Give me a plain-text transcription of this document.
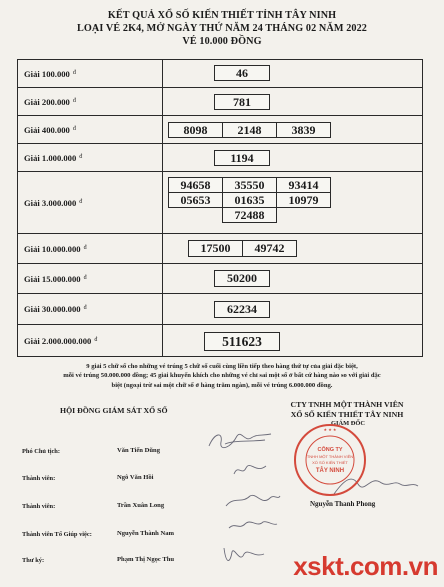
KẾT QUẢ XỔ SỐ KIẾN THIẾT TỈNH TÂY NINH
LOẠI VÉ 2K4, MỞ NGÀY THỨ NĂM 24 THÁNG 02 NĂM 2022
VÉ 10.000 ĐỒNG
Giải 100.000 đ	46
Giải 200.000 đ	781
Giải 400.000 đ	8098	2148	3839
Giải 1.000.000 đ	1194
Giải 3.000.000 đ
94658	35550	93414
05653	01635	10979
72488
Giải 10.000.000 đ	17500	49742
Giải 15.000.000 đ	50200
Giải 30.000.000 đ	62234
Giải 2.000.000.000 đ	511623
9 giải 5 chữ số cho những vé trúng 5 chữ số cuối cùng liền tiếp theo hàng thứ tự của giải đặc biệt,
mỗi vé trúng 50.000.000 đồng; 45 giải khuyến khích cho những vé chỉ sai một số ở bất cứ hàng nào so với giải đặc
biệt (ngoại trừ sai một chữ số ở hàng trăm ngàn), mỗi vé trúng 6.000.000 đồng.
HỘI ĐỒNG GIÁM SÁT XỔ SỐ
CTY TNHH MỘT THÀNH VIÊN
XỔ SỐ KIẾN THIẾT TÂY NINH
GIÁM ĐỐC
Phó Chủ tịch:	Văn Tiến Dũng
Thành viên:	Ngô Văn Hồi
Thành viên:	Trần Xuân Long
Thành viên Tổ Giúp việc:	Nguyễn Thành Nam
Thư ký:	Phạm Thị Ngọc Thu
CÔNG TY
TNHH MỘT THÀNH VIÊN
XỔ SỐ KIẾN THIẾT
TÂY NINH
★ ★ ★
Nguyễn Thanh Phong
xskt.com.vn
